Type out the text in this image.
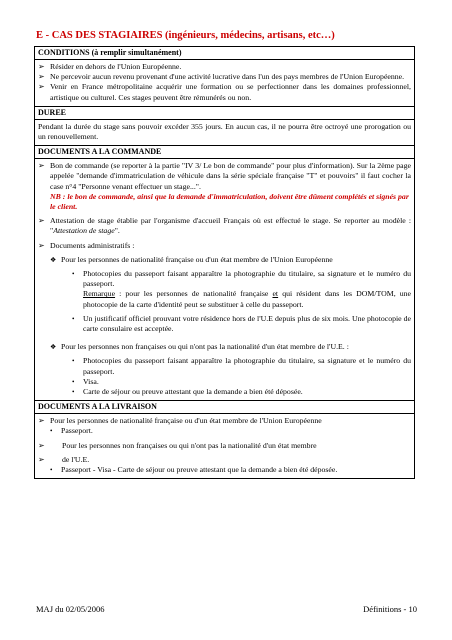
E - CAS DES STAGIAIRES (ingénieurs, médecins, artisans, etc…)
CONDITIONS (à remplir simultanément)
➢ Résider en dehors de l'Union Européenne.
➢ Ne percevoir aucun revenu provenant d'une activité lucrative dans l'un des pays membres de l'Union Européenne.
➢ Venir en France métropolitaine acquérir une formation ou se perfectionner dans les domaines professionnel, artistique ou culturel. Ces stages peuvent être rémunérés ou non.
DUREE
Pendant la durée du stage sans pouvoir excéder 355 jours. En aucun cas, il ne pourra être octroyé une prorogation ou un renouvellement.
DOCUMENTS A LA COMMANDE
➢ Bon de commande (se reporter à la partie "IV 3/ Le bon de commande" pour plus d'information). Sur la 2ème page appelée "demande d'immatriculation de véhicule dans la série spéciale française "T" et pouvoirs" il faut cocher la case n°4 "Personne venant effectuer un stage...".
NB : le bon de commande, ainsi que la demande d'immatriculation, doivent être dûment complétés et signés par le client.
➢ Attestation de stage établie par l'organisme d'accueil Français où est effectué le stage. Se reporter au modèle : "Attestation de stage".
➢ Documents administratifs :
❖ Pour les personnes de nationalité française ou d'un état membre de l'Union Européenne
•	Photocopies du passeport faisant apparaître la photographie du titulaire, sa signature et le numéro du passeport.
Remarque : pour les personnes de nationalité française et qui résident dans les DOM/TOM, une photocopie de la carte d'identité peut se substituer à celle du passeport.
•	Un justificatif officiel prouvant votre résidence hors de l'U.E depuis plus de six mois. Une photocopie de carte consulaire est acceptée.
❖ Pour les personnes non françaises ou qui n'ont pas la nationalité d'un état membre de l'U.E. :
•	Photocopies du passeport faisant apparaître la photographie du titulaire, sa signature et le numéro du passeport.
•	Visa.
•	Carte de séjour ou preuve attestant que la demande a bien été déposée.
DOCUMENTS A LA LIVRAISON
➢ Pour les personnes de nationalité française ou d'un état membre de l'Union Européenne
•	Passeport.
➢	Pour les personnes non françaises ou qui n'ont pas la nationalité d'un état membre
➢	de l'U.E.
•	Passeport - Visa - Carte de séjour ou preuve attestant que la demande a bien été déposée.
MAJ du 02/05/2006	Définitions - 10
